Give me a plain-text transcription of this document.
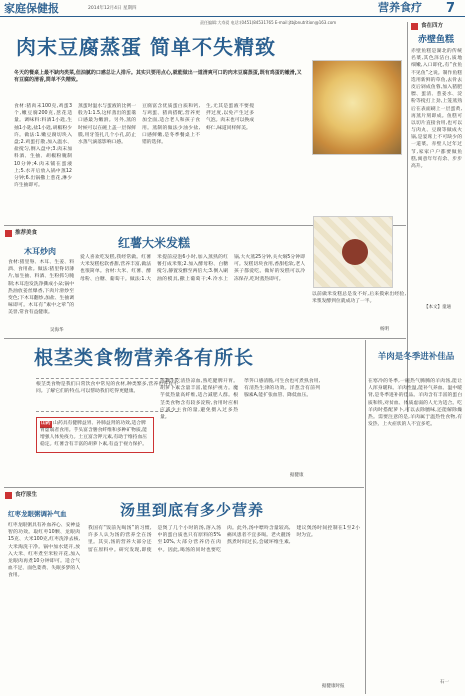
家庭保健报	2014年12月4日 星期四	营养食疗 7
责任编辑:大寿爱 电话:(0451)84531765 E-mail:jtbjbnutrition@163.com
肉末豆腐蒸蛋 简单不失精致
冬天的餐桌上最不缺肉类菜,但油腻的口感总让人排斥。其实只要用点心,就能做出一道清爽可口的肉末豆腐蒸蛋,既有鸡蛋的嫩滑,又有豆腐的清香,简单不失精致。
食材:猪肉末100克,鸡蛋3个,嫩豆腐200克,葱花适量。调味料:料酒1小匙,生抽1小匙,盐1小匙,胡椒粉少许。做法:1.嫩豆腐切块入盘;2.鸡蛋打散,加入温水、盐搅匀,倒入盘中;3.肉末加料酒、生抽、胡椒粉腌制10分钟;4.肉末铺在蛋液上;5.水开后放入锅中蒸12分钟;6.出锅撒上葱花,淋少许生抽即可。
蒸蛋时温水与蛋液的比例一般为1:1.5,这样蒸出的蛋羹口感最为嫩滑。另外,蒸的时候可以在碗上盖一层保鲜膜,用牙签扎几个小孔,防止水蒸气滴落影响口感。
豆腐富含优质蛋白质和钙,与鸡蛋、猪肉搭配,营养更加全面,适合老人和孩子食用。蒸制的做法少油少盐,口感鲜嫩,是冬季餐桌上不错的选择。
生,尤其是蛋液不要搅拌过度,以免产生过多气泡。肉末也可以换成虾仁,味道同样鲜美。
食在四方
赤壁鱼糕
赤壁鱼糕是湖北的传统名菜,其色泽洁白,质地细嫩,入口即化,有“食鱼不见鱼”之说。制作鱼糕选用新鲜的草鱼,去骨去皮后剁成鱼蓉,加入猪肥膘、蛋清、葱姜水、淀粉等搅打上劲,上笼蒸熟后在表面刷上一层蛋黄,再蒸片刻即成。鱼糕可以切片直接食用,也可以与肉丸、豆腐等做成火锅,是宴席上不可缺少的一道菜。赤壁人过年过节,家家户户都要做鱼糕,寓意年年有余、步步高升。
【本文】童通
推荐美食
木耳炒肉
食材:猪里脊、木耳、生姜、料酒、食用盐。做法:猪里脊切薄片,加生抽、料酒、生粉抓匀腌制;木耳泡发洗净撕成小朵;锅中热油放姜丝爆香,下肉片滑炒至变色;下木耳翻炒,加盐、生抽调味即可。木耳有“素中之荤”的美誉,常食有益健康。
吴海华
红薯大米发糕
爱人喜欢吃发糕,我经常做。红薯大米发糕松软香甜,营养丰富,做法也很简单。食材:大米、红薯、酵母粉、白糖、葡萄干。做法:1.大米提前浸泡6小时,加入蒸熟的红薯打成米浆;2.加入酵母粉、白糖搅匀,静置发酵至两倍大;3.倒入刷油的模具,撒上葡萄干;4.冷水上锅,大火蒸25分钟,关火焖5分钟即可。发糕切块食用,香甜松软,老人孩子都爱吃。做好的发糕可以冷冻保存,吃时蒸热即可。
以前做米发糕总是发不好,后来摸索出经验,米浆发酵到位就成功了一半。
杨明
根茎类食物营养各有所长
根茎类食物是我们日常饮食中常见的食材,种类繁多,营养也各有不同。了解它们的特点,可以帮助我们吃得更健康。
山药 山药具有健脾益胃、补肺益肾的功效,适合脾胃虚弱者食用。芋头富含膳食纤维和多种矿物质,能增强人体免疫力。土豆富含钾元素,有助于维持血压稳定。红薯含有丰富的胡萝卜素,有益于视力保护。
莲藕生吃清热凉血,熟吃健脾开胃。胡萝卜素含量丰富,能保护视力。魔芋低热量高纤维,适合减肥人群。根茎类食物含有较多淀粉,食用时应相应减少主食的量,避免摄入过多热量。
荸荠口感清脆,可生食也可煮熟食用,有清热生津的功效。洋葱含有前列腺素A,能扩张血管、降低血压。
据健康
羊肉是冬季进补佳品
在寒冷的冬季,一碗热气腾腾的羊肉汤,能让人浑身暖和。羊肉性温,能补气养血、温中暖肾,是冬季进补的佳品。羊肉含有丰富的蛋白质和铁,对贫血、体质虚弱的人尤为适合。吃羊肉时搭配萝卜,可以去除膻味,还能解除燥热。需要注意的是,羊肉属于温热性食物,有发热、上火症状的人不宜多吃。
石一
食疗原生
红枣龙眼粥调补气血
红枣龙眼粥具有补血养心、安神益智的功效。取红枣10颗、龙眼肉15克、大米100克,红枣洗净去核,大米淘洗干净。锅中加水烧开,放入大米、红枣煮至米粒开花,加入龙眼肉再煮10分钟即可。适合气血不足、面色萎黄、失眠多梦的人食用。
汤里到底有多少营养
我国有“饭前先喝汤”的习惯,许多人认为汤的营养全在汤里。其实,汤的营养大部分还留在原料中。研究发现,即使是煲了几个小时的汤,溶入汤中的蛋白质也只有原料的5%至10%,大部分营养仍在肉中。因此,喝汤的同时也要吃肉。此外,汤中嘌呤含量较高,痛风患者不宜多喝。老火靓汤熬煮时间过长,会破坏维生素,建议煲汤时间控制在1至2小时为宜。
据健康时报
